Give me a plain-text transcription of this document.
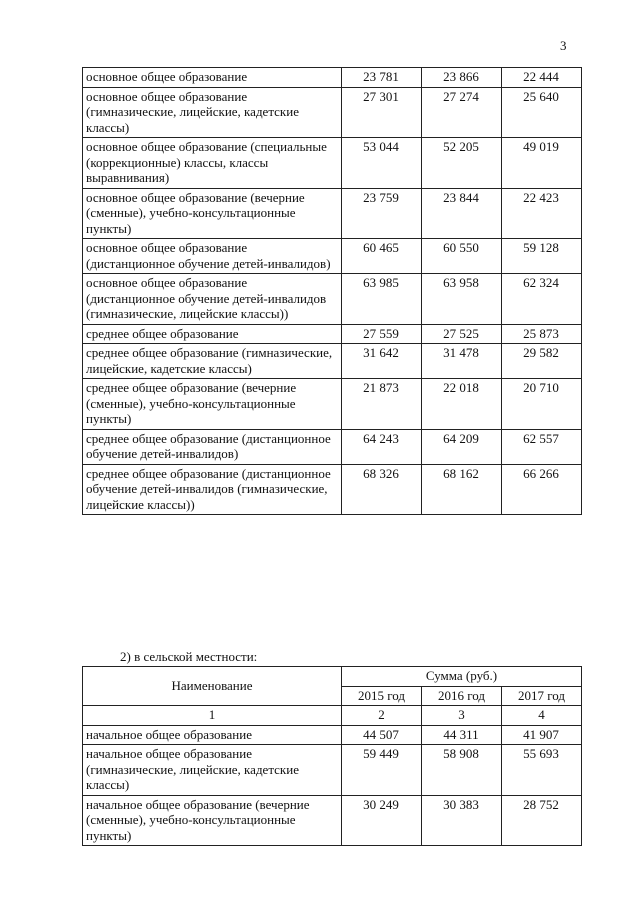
3
основное общее образование	23 781	23 866	22 444
основное общее образование (гимназические, лицейские, кадетские классы)	27 301	27 274	25 640
основное общее образование (специальные (коррекционные) классы, классы выравнивания)	53 044	52 205	49 019
основное общее образование (вечерние (сменные), учебно-консультационные пункты)	23 759	23 844	22 423
основное общее образование (дистанционное обучение детей-инвалидов)	60 465	60 550	59 128
основное общее образование (дистанционное обучение детей-инвалидов (гимназические, лицейские классы))	63 985	63 958	62 324
среднее общее образование	27 559	27 525	25 873
среднее общее образование (гимназические, лицейские, кадетские классы)	31 642	31 478	29 582
среднее общее образование (вечерние (сменные), учебно-консультационные пункты)	21 873	22 018	20 710
среднее общее образование (дистанционное обучение детей-инвалидов)	64 243	64 209	62 557
среднее общее образование (дистанционное обучение детей-инвалидов (гимназические, лицейские классы))	68 326	68 162	66 266
2) в сельской местности:
Наименование	Сумма (руб.)		
	2015 год	2016 год	2017 год
1	2	3	4
начальное общее образование	44 507	44 311	41 907
начальное общее образование (гимназические, лицейские, кадетские классы)	59 449	58 908	55 693
начальное общее образование (вечерние (сменные), учебно-консультационные пункты)	30 249	30 383	28 752
